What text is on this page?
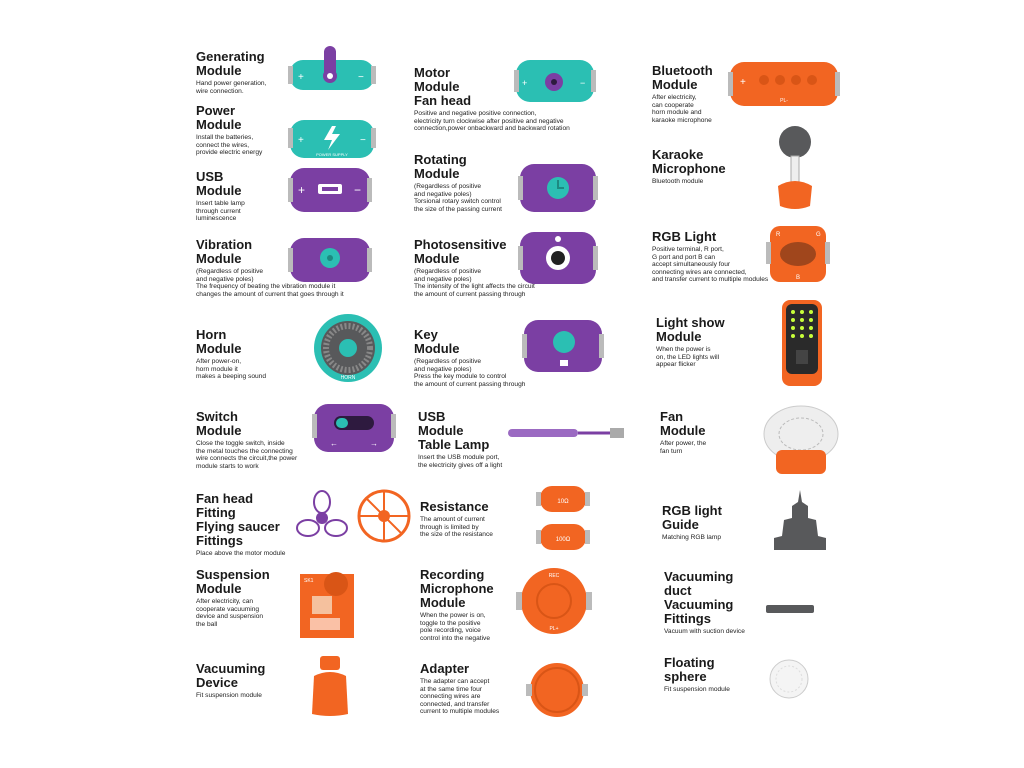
Generating
Module
Hand power generation,
wire connection.
+	−
Power
Module
Install the batteries,
connect the wires,
provide electric energy
+	−
POWER SUPPLY
USB
Module
Insert table lamp
through current
luminescence
+	−
Vibration
Module
(Regardless of positive
and negative poles)
The frequency of beating the vibration module it
changes the amount of current that goes through it
Horn
Module
After power-on,
horn module it
makes a beeping sound	HORN
Switch
Module
Close the toggle switch, inside
the metal touches the connecting
wire connects the circuit,the power
module starts to work
←	→
Fan head
Fitting
Flying saucer
Fittings
Place above the motor module
Suspension
Module
After electricity, can
cooperate vacuuming
device and suspension
the ball
SK1
Vacuuming
Device
Fit suspension module
Motor
Module
Fan head
Positive and negative positive connection,
electricity turn clockwise after positive and negative
connection,power onbackward and backward rotation
+	−
Rotating
Module
(Regardless of positive
and negative poles)
Torsional rotary switch control
the size of the passing current
Photosensitive
Module
(Regardless of positive
and negative poles)
The intensity of the light affects the circuit
the amount of current passing through
Key
Module
(Regardless of positive
and negative poles)
Press the key module to control
the amount of current passing through
USB
Module
Table Lamp
Insert the USB module port,
the electricity gives off a light
Resistance
The amount of current
through is limited by
the size of the resistance
10Ω
100Ω
Recording
Microphone
Module
When the power is on,
toggle to the positive
pole recording, voice
control into the negative
REC
PL+
Adapter
The adapter can accept
at the same time four
connecting wires are
connected, and transfer
current to multiple modules
Bluetooth
Module
After electricity,
can cooperate
horn module and
karaoke microphone
+
PL-
Karaoke
Microphone
Bluetooth module
RGB Light
Positive terminal, R port,
G port and port B can
accept simultaneously four
connecting wires are connected,
and transfer current to multiple modules
R	G
B
Light show
Module
When the power is
on, the LED lights will
appear flicker
Fan
Module
After power, the
fan turn
RGB light
Guide
Matching RGB lamp
Vacuuming
duct
Vacuuming
Fittings
Vacuum with suction device
Floating
sphere
Fit suspension module
